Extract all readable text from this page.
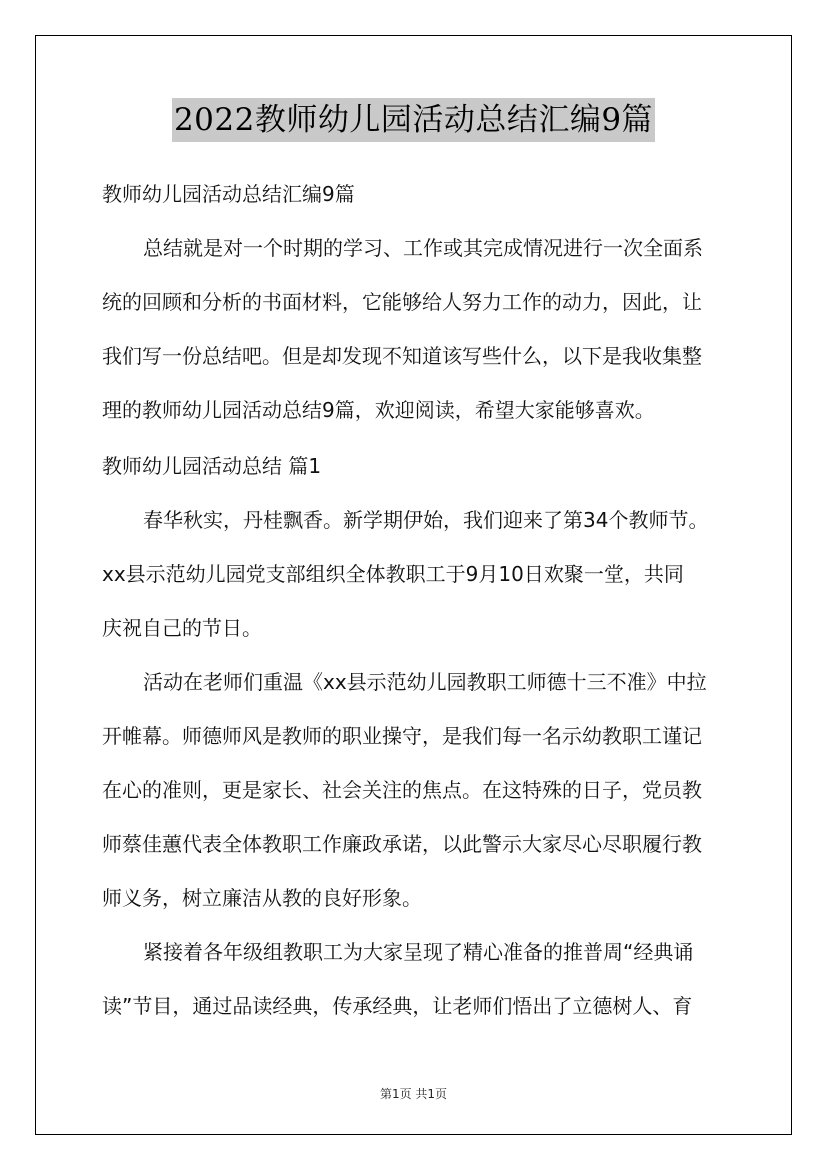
2022教师幼儿园活动总结汇编9篇
教师幼儿园活动总结汇编9篇
总结就是对一个时期的学习、工作或其完成情况进行一次全面系
统的回顾和分析的书面材料，它能够给人努力工作的动力，因此，让
我们写一份总结吧。但是却发现不知道该写些什么，以下是我收集整
理的教师幼儿园活动总结9篇，欢迎阅读，希望大家能够喜欢。
教师幼儿园活动总结 篇1
春华秋实，丹桂飘香。新学期伊始，我们迎来了第34个教师节。
xx县示范幼儿园党支部组织全体教职工于9月10日欢聚一堂，共同
庆祝自己的节日。
活动在老师们重温《xx县示范幼儿园教职工师德十三不准》中拉
开帷幕。师德师风是教师的职业操守，是我们每一名示幼教职工谨记
在心的准则，更是家长、社会关注的焦点。在这特殊的日子，党员教
师蔡佳蕙代表全体教职工作廉政承诺，以此警示大家尽心尽职履行教
师义务，树立廉洁从教的良好形象。
紧接着各年级组教职工为大家呈现了精心准备的推普周“经典诵
读”节目，通过品读经典，传承经典，让老师们悟出了立德树人、育
第1页 共1页
